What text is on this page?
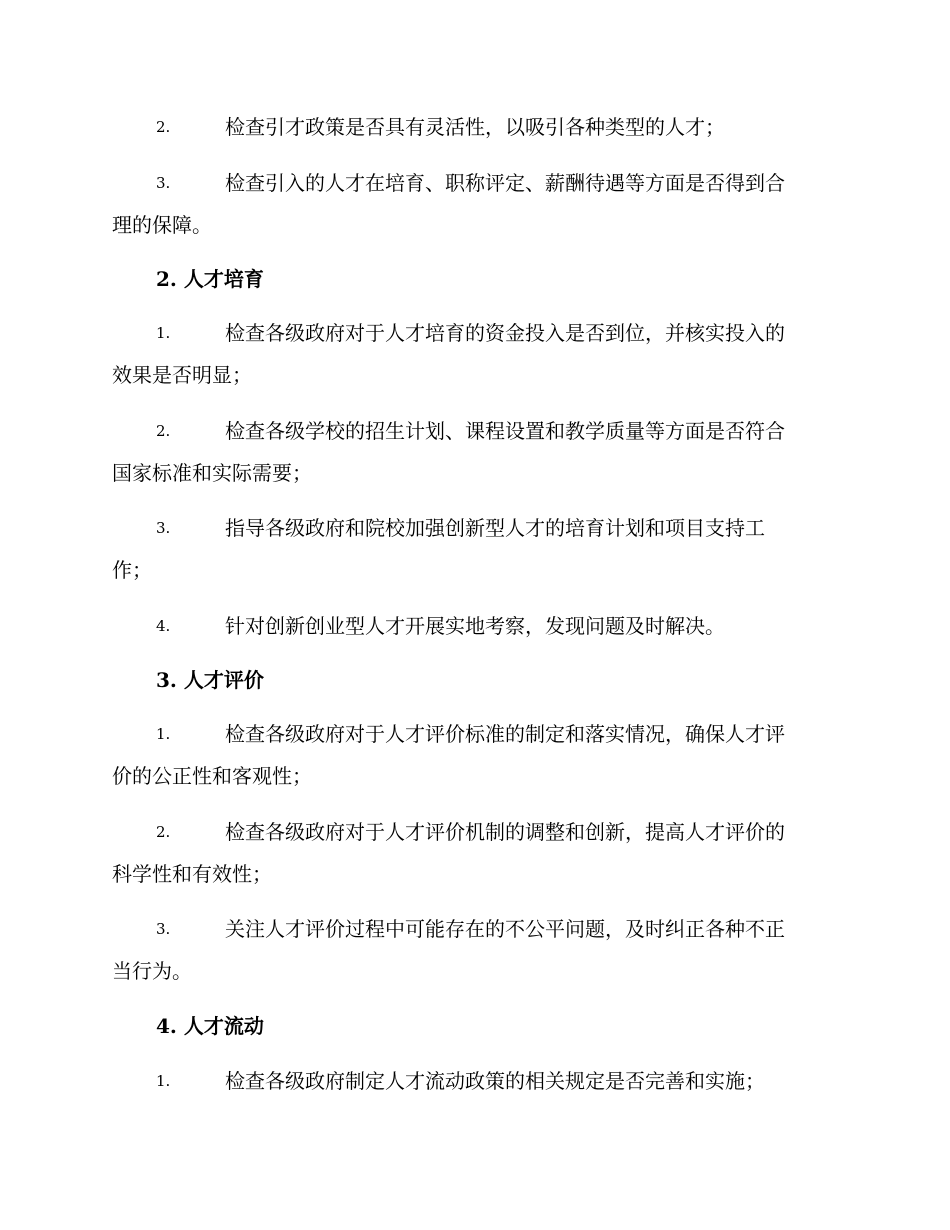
2.	检查引才政策是否具有灵活性，以吸引各种类型的人才；
3.	检查引入的人才在培育、职称评定、薪酬待遇等方面是否得到合
理的保障。
2. 人才培育
1.	检查各级政府对于人才培育的资金投入是否到位，并核实投入的
效果是否明显；
2.	检查各级学校的招生计划、课程设置和教学质量等方面是否符合
国家标准和实际需要；
3.	指导各级政府和院校加强创新型人才的培育计划和项目支持工
作；
4.	针对创新创业型人才开展实地考察，发现问题及时解决。
3. 人才评价
1.	检查各级政府对于人才评价标准的制定和落实情况，确保人才评
价的公正性和客观性；
2.	检查各级政府对于人才评价机制的调整和创新，提高人才评价的
科学性和有效性；
3.	关注人才评价过程中可能存在的不公平问题，及时纠正各种不正
当行为。
4. 人才流动
1.	检查各级政府制定人才流动政策的相关规定是否完善和实施；
